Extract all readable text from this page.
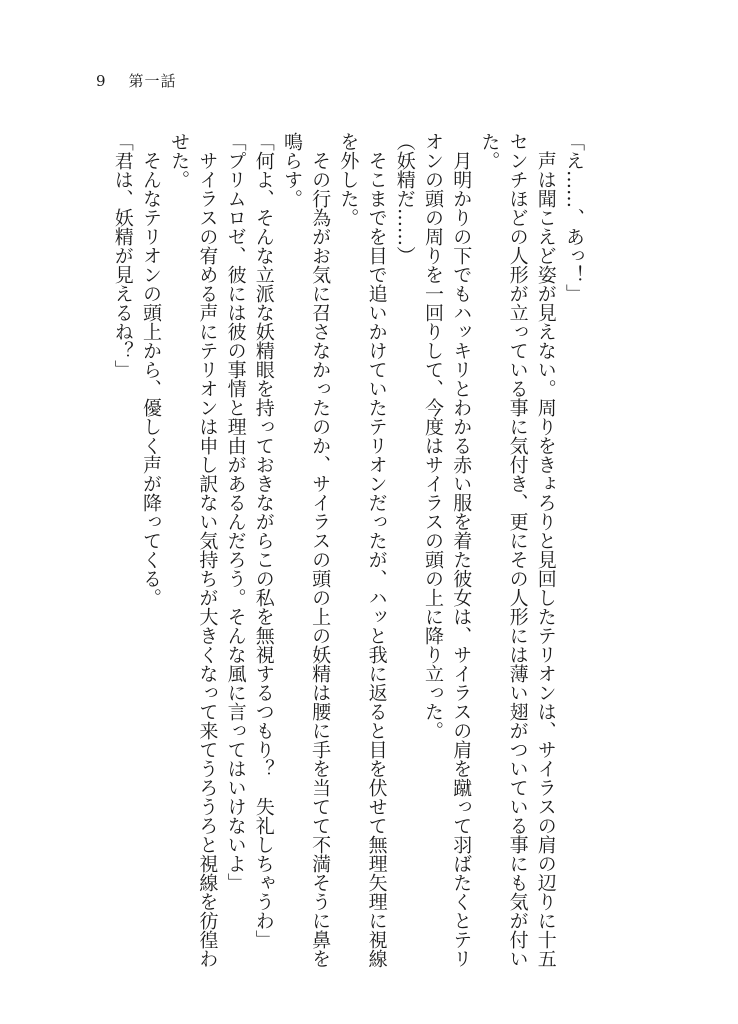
9 第一話

「え……、あっ！」

　声は聞こえど姿が見えない。周りをきょろりと見回したテリオンは、サイラスの肩の辺りに十五センチほどの人形が立っている事に気付き、更にその人形には薄い翅がついている事にも気が付いた。

　月明かりの下でもハッキリとわかる赤い服を着た彼女は、サイラスの肩を蹴って羽ばたくとテリオンの頭の周りを一回りして、今度はサイラスの頭の上に降り立った。

（妖精だ……）

　そこまでを目で追いかけていたテリオンだったが、ハッと我に返ると目を伏せて無理矢理に視線を外した。

　その行為がお気に召さなかったのか、サイラスの頭の上の妖精は腰に手を当てて不満そうに鼻を鳴らす。

「何よ、そんな立派な妖精眼を持っておきながらこの私を無視するつもり？　失礼しちゃうわ」

「プリムロゼ、彼には彼の事情と理由があるんだろう。そんな風に言ってはいけないよ」

　サイラスの宥める声にテリオンは申し訳ない気持ちが大きくなって来てうろうろと視線を彷徨わせた。

　そんなテリオンの頭上から、優しく声が降ってくる。

「君は、妖精が見えるね？」
